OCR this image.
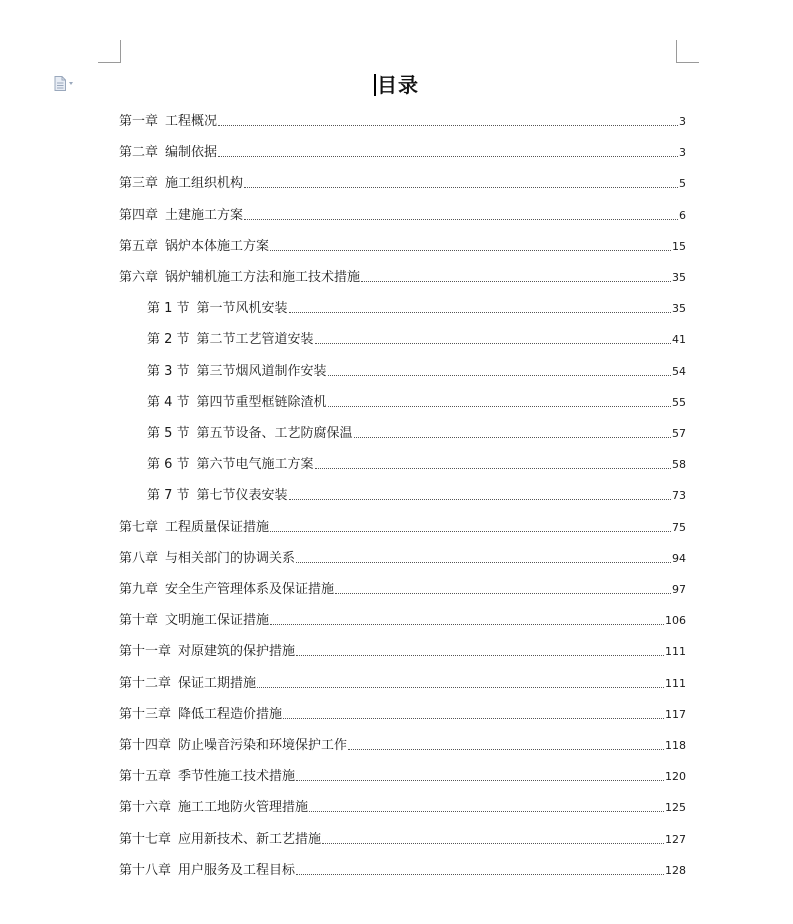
目录
第一章 工程概况	3
第二章 编制依据	3
第三章 施工组织机构	5
第四章 土建施工方案	6
第五章 锅炉本体施工方案	15
第六章 锅炉辅机施工方法和施工技术措施	35
第 1 节 第一节风机安装	35
第 2 节 第二节工艺管道安装	41
第 3 节 第三节烟风道制作安装	54
第 4 节 第四节重型框链除渣机	55
第 5 节 第五节设备、工艺防腐保温	57
第 6 节 第六节电气施工方案	58
第 7 节 第七节仪表安装	73
第七章 工程质量保证措施	75
第八章 与相关部门的协调关系	94
第九章 安全生产管理体系及保证措施	97
第十章 文明施工保证措施	106
第十一章 对原建筑的保护措施	111
第十二章 保证工期措施	111
第十三章 降低工程造价措施	117
第十四章 防止噪音污染和环境保护工作	118
第十五章 季节性施工技术措施	120
第十六章 施工工地防火管理措施	125
第十七章 应用新技术、新工艺措施	127
第十八章 用户服务及工程目标	128
